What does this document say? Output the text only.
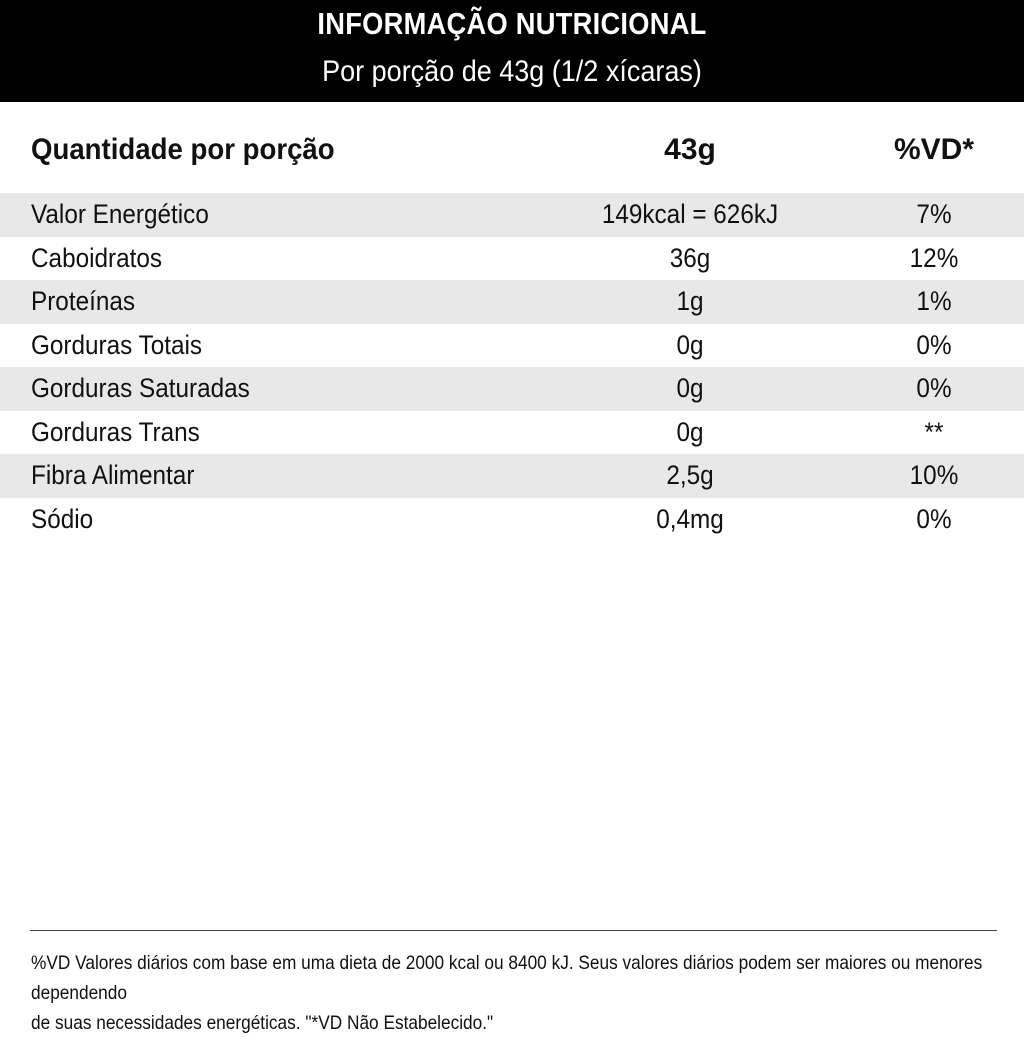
INFORMAÇÃO NUTRICIONAL
Por porção de 43g (1/2 xícaras)
Quantidade por porção	43g	%VD*
Valor Energético	149kcal = 626kJ	7%
Caboidratos	36g	12%
Proteínas	1g	1%
Gorduras Totais	0g	0%
Gorduras Saturadas	0g	0%
Gorduras Trans	0g	**
Fibra Alimentar	2,5g	10%
Sódio	0,4mg	0%
%VD Valores diários com base em uma dieta de 2000 kcal ou 8400 kJ. Seus valores diários podem ser maiores ou menores dependendo
de suas necessidades energéticas. "*VD Não Estabelecido."
